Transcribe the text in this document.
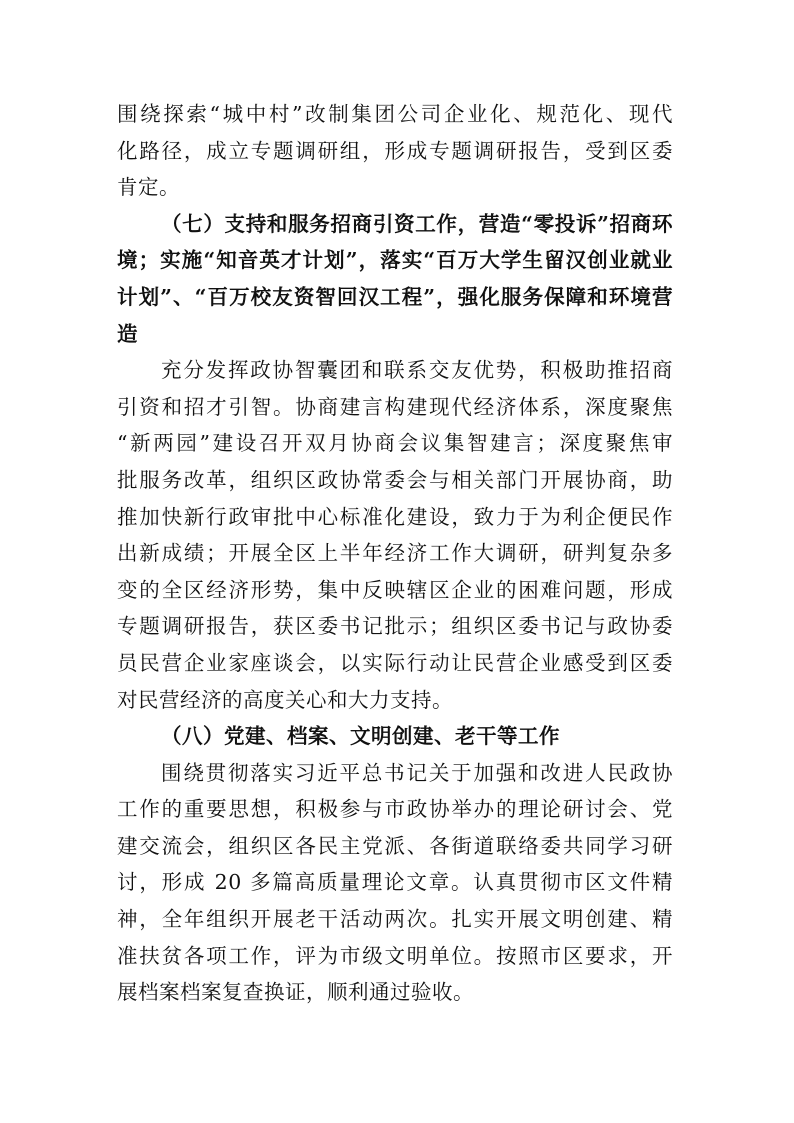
围绕探索“城中村”改制集团公司企业化、规范化、现代
化路径，成立专题调研组，形成专题调研报告，受到区委
肯定。
（七）支持和服务招商引资工作，营造“零投诉”招商环
境；实施“知音英才计划”，落实“百万大学生留汉创业就业
计划”、“百万校友资智回汉工程”，强化服务保障和环境营
造
充分发挥政协智囊团和联系交友优势，积极助推招商
引资和招才引智。协商建言构建现代经济体系，深度聚焦
“新两园”建设召开双月协商会议集智建言；深度聚焦审
批服务改革，组织区政协常委会与相关部门开展协商，助
推加快新行政审批中心标准化建设，致力于为利企便民作
出新成绩；开展全区上半年经济工作大调研，研判复杂多
变的全区经济形势，集中反映辖区企业的困难问题，形成
专题调研报告，获区委书记批示；组织区委书记与政协委
员民营企业家座谈会，以实际行动让民营企业感受到区委
对民营经济的高度关心和大力支持。
（八）党建、档案、文明创建、老干等工作
围绕贯彻落实习近平总书记关于加强和改进人民政协
工作的重要思想，积极参与市政协举办的理论研讨会、党
建交流会，组织区各民主党派、各街道联络委共同学习研
讨，形成 20 多篇高质量理论文章。认真贯彻市区文件精
神，全年组织开展老干活动两次。扎实开展文明创建、精
准扶贫各项工作，评为市级文明单位。按照市区要求，开
展档案档案复查换证，顺利通过验收。
